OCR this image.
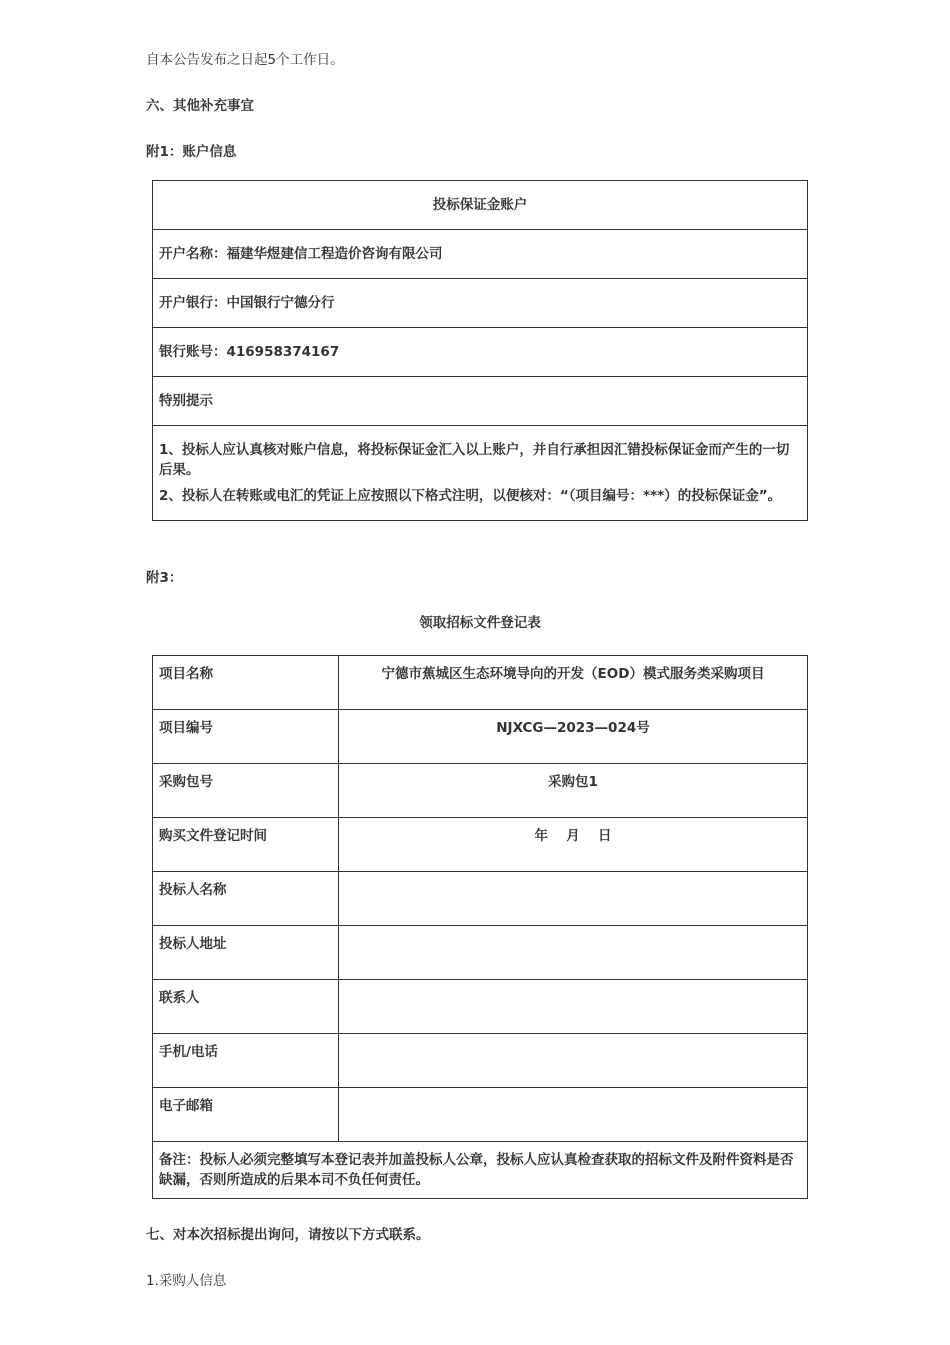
自本公告发布之日起5个工作日。

六、其他补充事宜

附1：账户信息

投标保证金账户
开户名称：福建华煜建信工程造价咨询有限公司
开户银行：中国银行宁德分行
银行账号：416958374167
特别提示

1、投标人应认真核对账户信息，将投标保证金汇入以上账户，并自行承担因汇错投标保证金而产生的一切后果。

2、投标人在转账或电汇的凭证上应按照以下格式注明，以便核对：“（项目编号：***）的投标保证金”。

附3：

领取招标文件登记表

项目名称	宁德市蕉城区生态环境导向的开发（EOD）模式服务类采购项目
项目编号	NJXCG—2023—024号
采购包号	采购包1
购买文件登记时间	年　 月　 日
投标人名称	
投标人地址	
联系人	
手机/电话	
电子邮箱	
备注：投标人必须完整填写本登记表并加盖投标人公章，投标人应认真检查获取的招标文件及附件资料是否缺漏，否则所造成的后果本司不负任何责任。	

七、对本次招标提出询问，请按以下方式联系。

1.采购人信息
